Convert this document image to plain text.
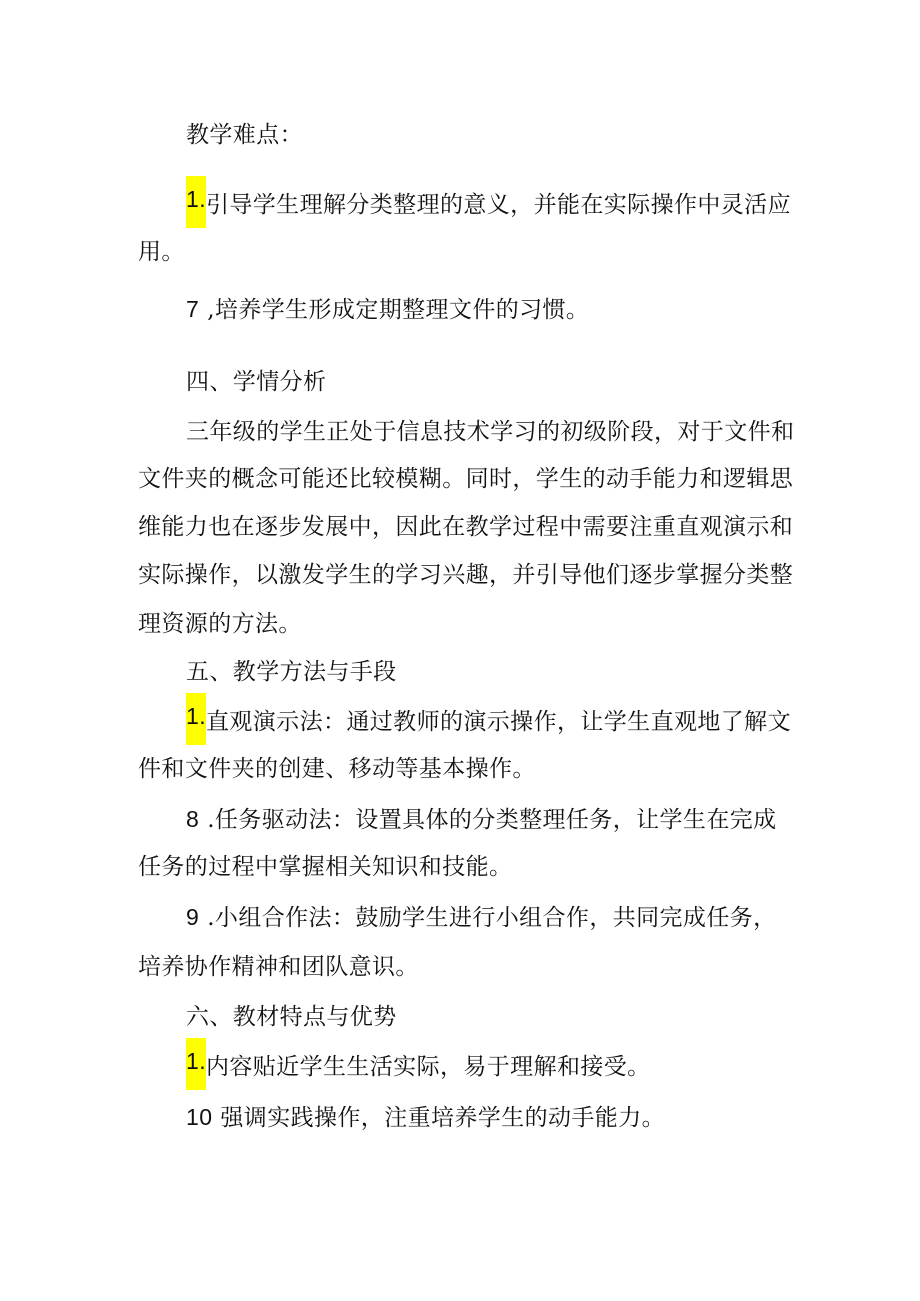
教学难点：

1.引导学生理解分类整理的意义，并能在实际操作中灵活应

用。

7 ,培养学生形成定期整理文件的习惯。

四、学情分析

三年级的学生正处于信息技术学习的初级阶段，对于文件和

文件夹的概念可能还比较模糊。同时，学生的动手能力和逻辑思

维能力也在逐步发展中，因此在教学过程中需要注重直观演示和

实际操作，以激发学生的学习兴趣，并引导他们逐步掌握分类整

理资源的方法。

五、教学方法与手段

1.直观演示法：通过教师的演示操作，让学生直观地了解文

件和文件夹的创建、移动等基本操作。

8 .任务驱动法：设置具体的分类整理任务，让学生在完成

任务的过程中掌握相关知识和技能。

9 .小组合作法：鼓励学生进行小组合作，共同完成任务，

培养协作精神和团队意识。

六、教材特点与优势

1.内容贴近学生生活实际，易于理解和接受。

10 强调实践操作，注重培养学生的动手能力。
